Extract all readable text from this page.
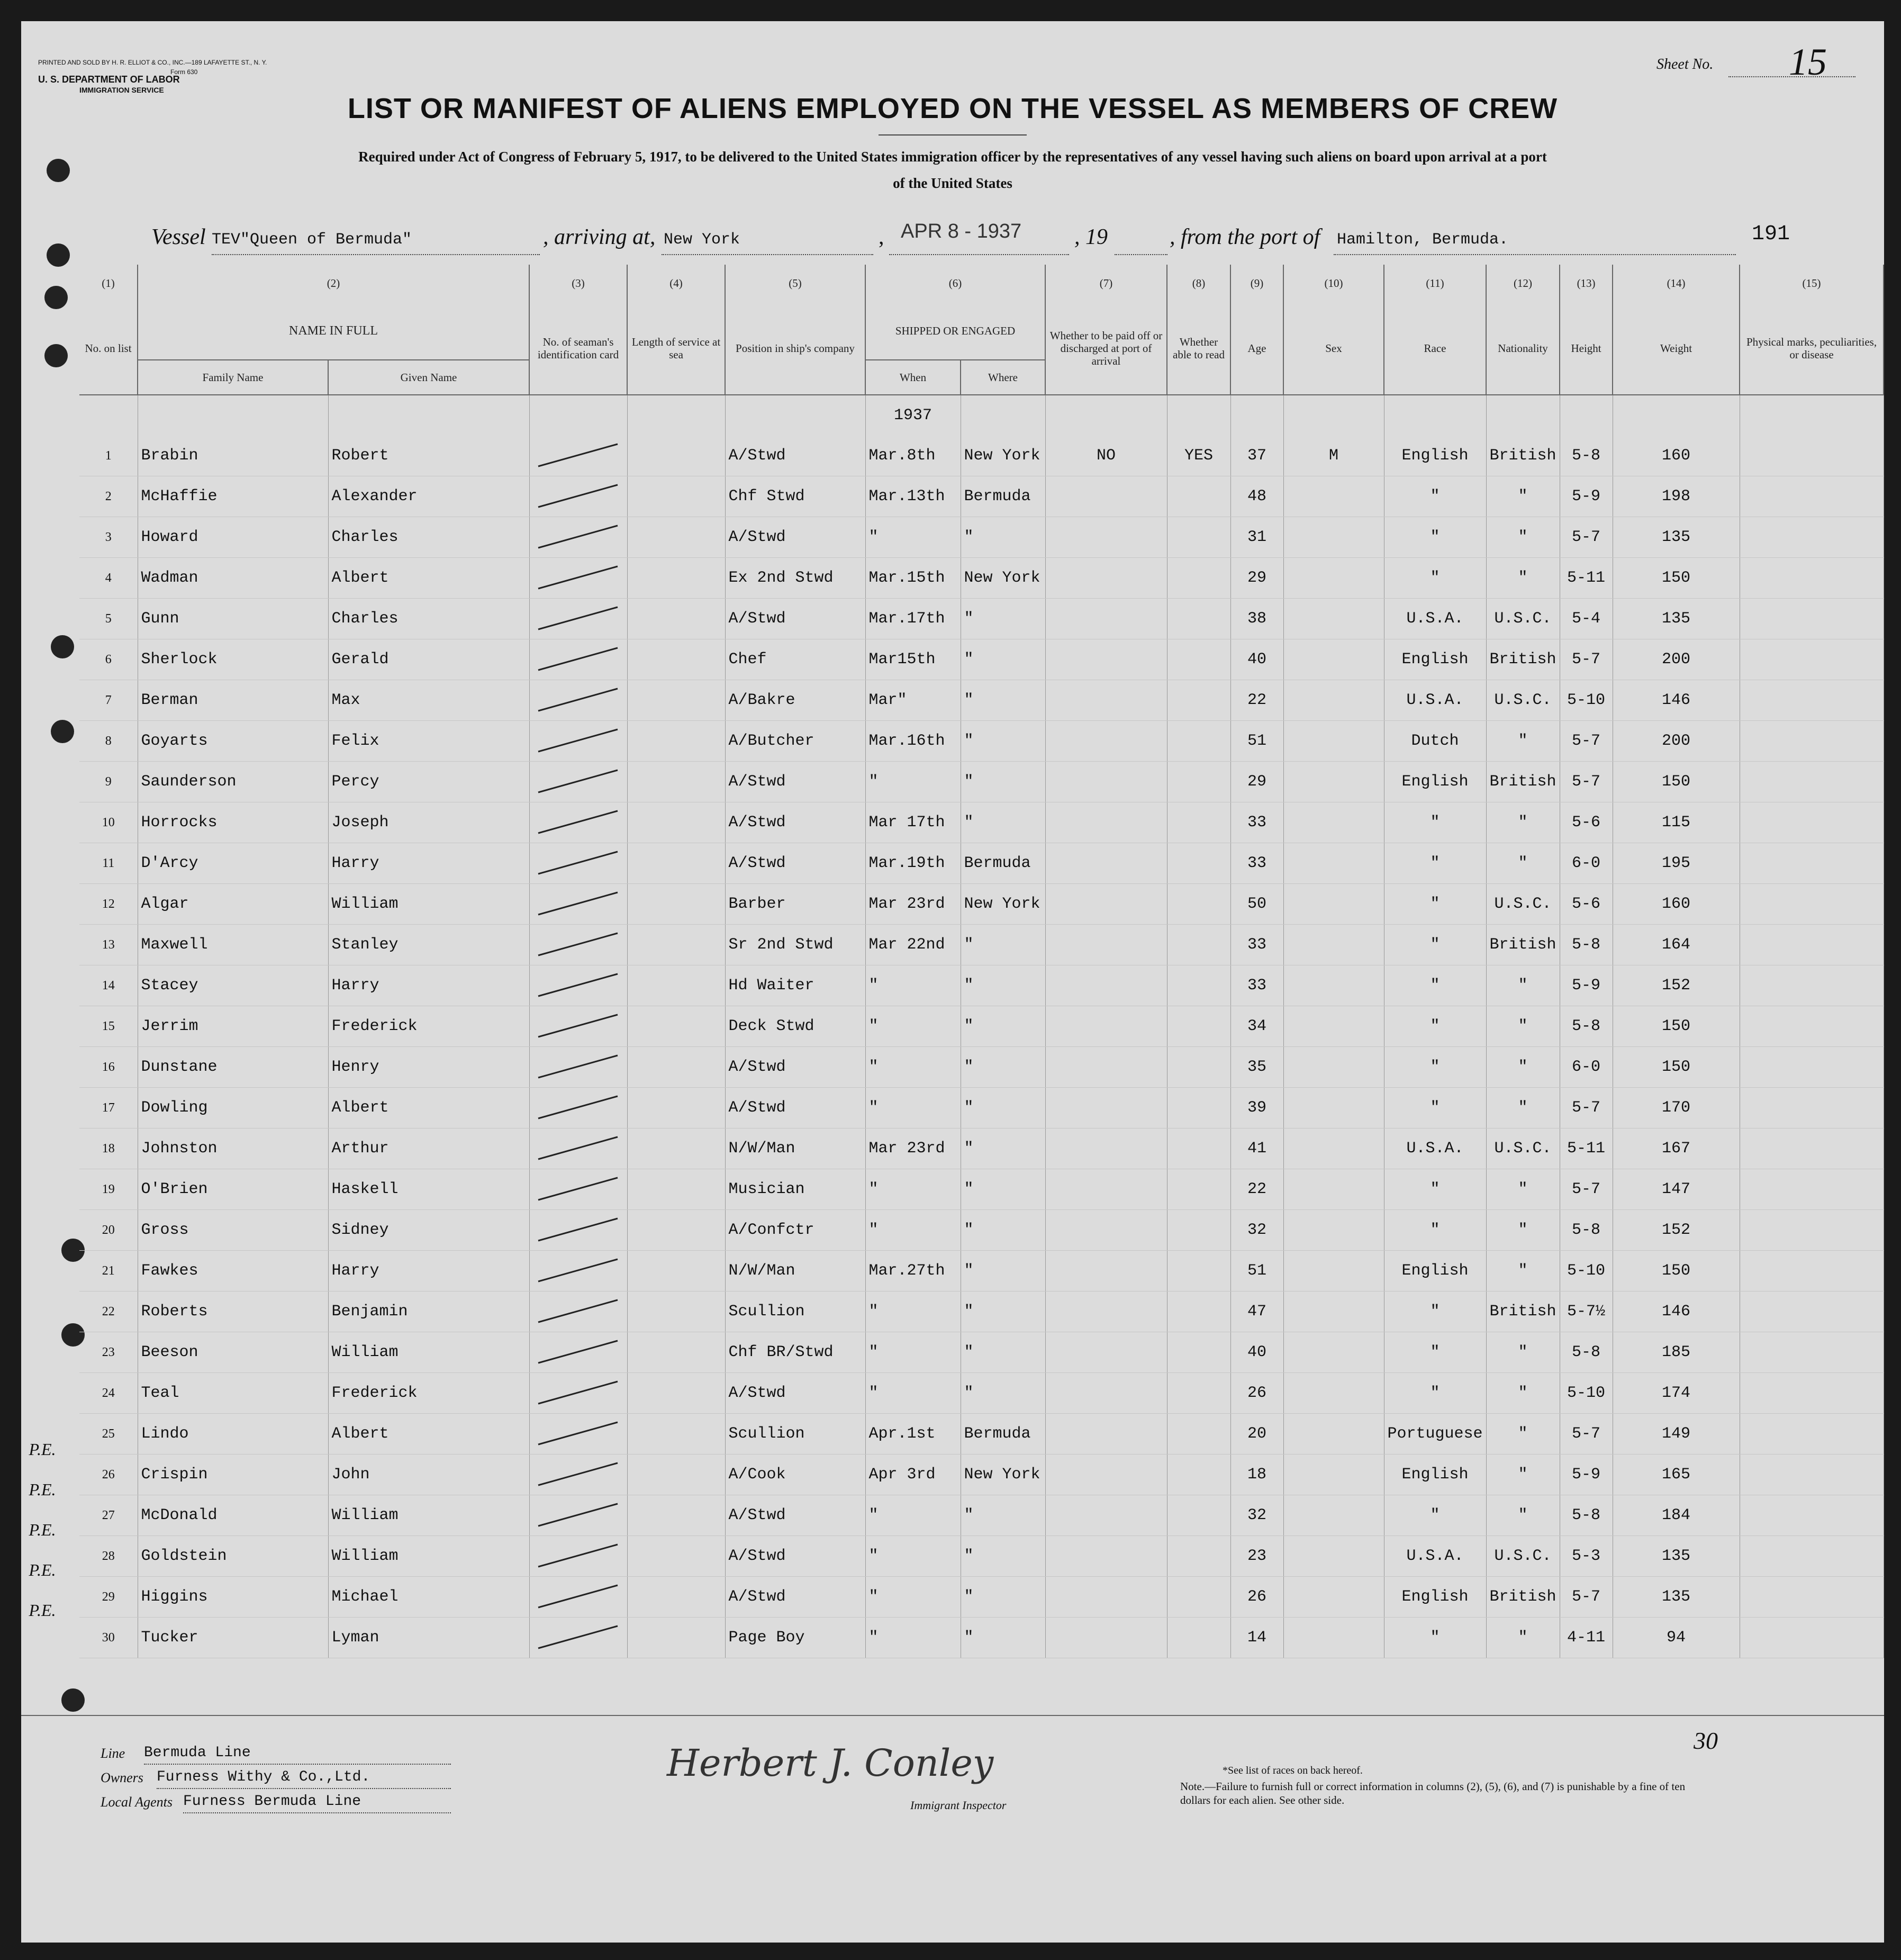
PRINTED AND SOLD BY H. R. ELLIOT & CO., INC.—189 LAFAYETTE ST., N. Y.
Form 630
U. S. DEPARTMENT OF LABOR
IMMIGRATION SERVICE
Sheet No. 15
LIST OR MANIFEST OF ALIENS EMPLOYED ON THE VESSEL AS MEMBERS OF CREW
Required under Act of Congress of February 5, 1917, to be delivered to the United States immigration officer by the representatives of any vessel having such aliens on board upon arrival at a port
of the United States
Vessel TEV"Queen of Bermuda"	, arriving at, New York	, APR 8 - 1937 , 19	, from the port of Hamilton, Bermuda.	191
(1)	(2)		(3)	(4)	(5)	(6)		(7)	(8)	(9)	(10)	(11)	(12)	(13)	(14)	(15)
No. on list	NAME IN FULL		No. of seaman's identification card	Length of service at sea	Position in ship's company	SHIPPED OR ENGAGED		Whether to be paid off or discharged at port of arrival	Whether able to read	Age	Sex	Race	Nationality	Height	Weight	Physical marks, peculiarities, or disease
	Family Name	Given Name				When	Where									
						1937										
1	Brabin	Robert			A/Stwd	Mar.8th	New York	NO	YES	37	M	English	British	5-8	160	
2	McHaffie	Alexander			Chf Stwd	Mar.13th	Bermuda			48		"	"	5-9	198	
3	Howard	Charles			A/Stwd	"	"			31		"	"	5-7	135	
4	Wadman	Albert			Ex 2nd Stwd	Mar.15th	New York			29		"	"	5-11	150	
5	Gunn	Charles			A/Stwd	Mar.17th	"			38		U.S.A.	U.S.C.	5-4	135	
6	Sherlock	Gerald			Chef	Mar15th	"			40		English	British	5-7	200	
7	Berman	Max			A/Bakre	Mar"	"			22		U.S.A.	U.S.C.	5-10	146	
8	Goyarts	Felix			A/Butcher	Mar.16th	"			51		Dutch	"	5-7	200	
9	Saunderson	Percy			A/Stwd	"	"			29		English	British	5-7	150	
10	Horrocks	Joseph			A/Stwd	Mar 17th	"			33		"	"	5-6	115	
11	D'Arcy	Harry			A/Stwd	Mar.19th	Bermuda			33		"	"	6-0	195	
12	Algar	William			Barber	Mar 23rd	New York			50		"	U.S.C.	5-6	160	
13	Maxwell	Stanley			Sr 2nd Stwd	Mar 22nd	"			33		"	British	5-8	164	
14	Stacey	Harry			Hd Waiter	"	"			33		"	"	5-9	152	
15	Jerrim	Frederick			Deck Stwd	"	"			34		"	"	5-8	150	
16	Dunstane	Henry			A/Stwd	"	"			35		"	"	6-0	150	
17	Dowling	Albert			A/Stwd	"	"			39		"	"	5-7	170	
18	Johnston	Arthur			N/W/Man	Mar 23rd	"			41		U.S.A.	U.S.C.	5-11	167	
19	O'Brien	Haskell			Musician	"	"			22		"	"	5-7	147	
20	Gross	Sidney			A/Confctr	"	"			32		"	"	5-8	152	
21	Fawkes	Harry			N/W/Man	Mar.27th	"			51		English	"	5-10	150	
22	Roberts	Benjamin			Scullion	"	"			47		"	British	5-7½	146	
23	Beeson	William			Chf BR/Stwd	"	"			40		"	"	5-8	185	
24	Teal	Frederick			A/Stwd	"	"			26		"	"	5-10	174	
25	Lindo	Albert			Scullion	Apr.1st	Bermuda			20		Portuguese	"	5-7	149	
26	Crispin	John			A/Cook	Apr 3rd	New York			18		English	"	5-9	165	
27	McDonald	William			A/Stwd	"	"			32		"	"	5-8	184	
28	Goldstein	William			A/Stwd	"	"			23		U.S.A.	U.S.C.	5-3	135	
29	Higgins	Michael			A/Stwd	"	"			26		English	British	5-7	135	
30	Tucker	Lyman			Page Boy	"	"			14		"	"	4-11	94	
P.E.
P.E.
P.E.
P.E.
P.E.
Line Bermuda Line
Owners Furness Withy & Co.,Ltd.
Local Agents Furness Bermuda Line
Herbert J. Conley
Immigrant Inspector
30
*See list of races on back hereof.
Note.—Failure to furnish full or correct information in columns (2), (5), (6), and (7) is punishable by a fine of ten dollars for each alien. See other side.
